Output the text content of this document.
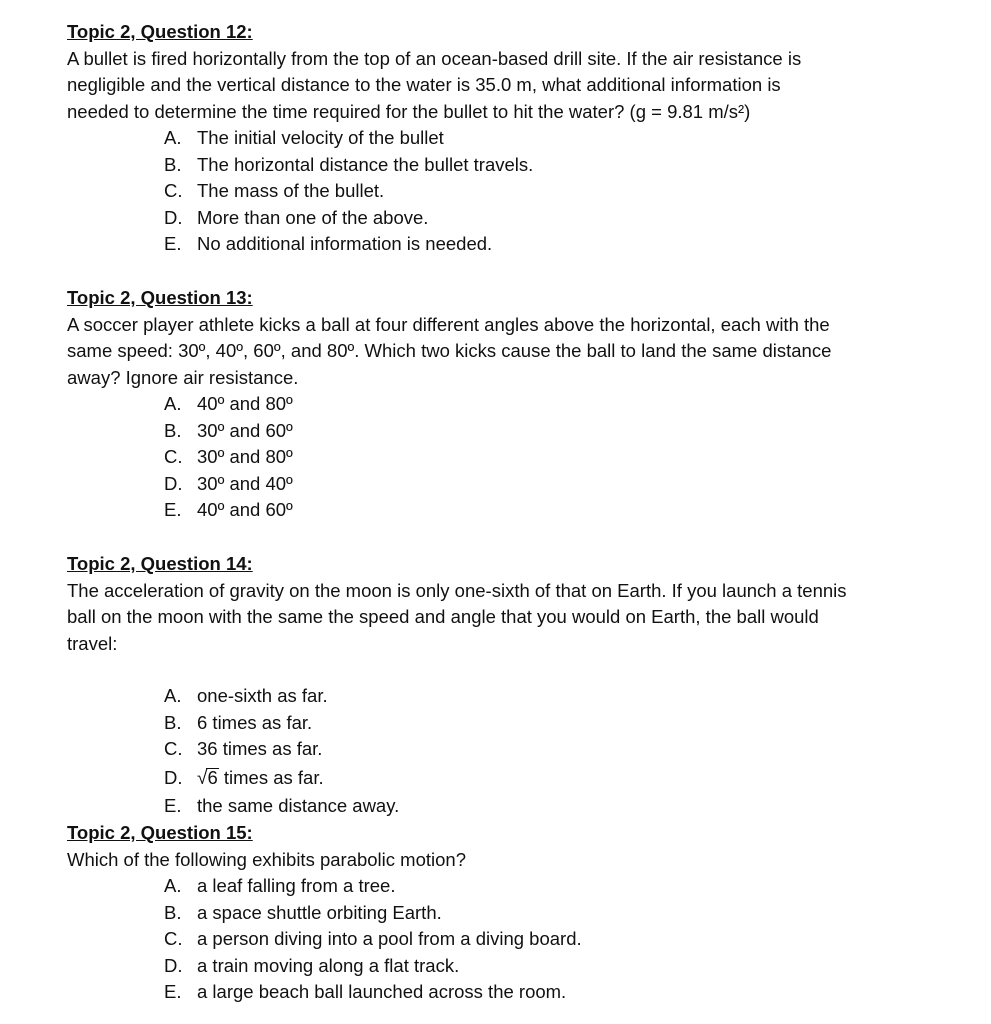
Topic 2, Question 12:
A bullet is fired horizontally from the top of an ocean-based drill site. If the air resistance is
negligible and the vertical distance to the water is 35.0 m, what additional information is
needed to determine the time required for the bullet to hit the water? (g = 9.81 m/s²)
A. The initial velocity of the bullet
B. The horizontal distance the bullet travels.
C. The mass of the bullet.
D. More than one of the above.
E. No additional information is needed.
Topic 2, Question 13:
A soccer player athlete kicks a ball at four different angles above the horizontal, each with the
same speed: 30º, 40º, 60º, and 80º. Which two kicks cause the ball to land the same distance
away? Ignore air resistance.
A. 40º and 80º
B. 30º and 60º
C. 30º and 80º
D. 30º and 40º
E. 40º and 60º
Topic 2, Question 14:
The acceleration of gravity on the moon is only one-sixth of that on Earth. If you launch a tennis
ball on the moon with the same the speed and angle that you would on Earth, the ball would
travel:
A. one-sixth as far.
B. 6 times as far.
C. 36 times as far.
D. √6 times as far.
E. the same distance away.
Topic 2, Question 15:
Which of the following exhibits parabolic motion?
A. a leaf falling from a tree.
B. a space shuttle orbiting Earth.
C. a person diving into a pool from a diving board.
D. a train moving along a flat track.
E. a large beach ball launched across the room.
